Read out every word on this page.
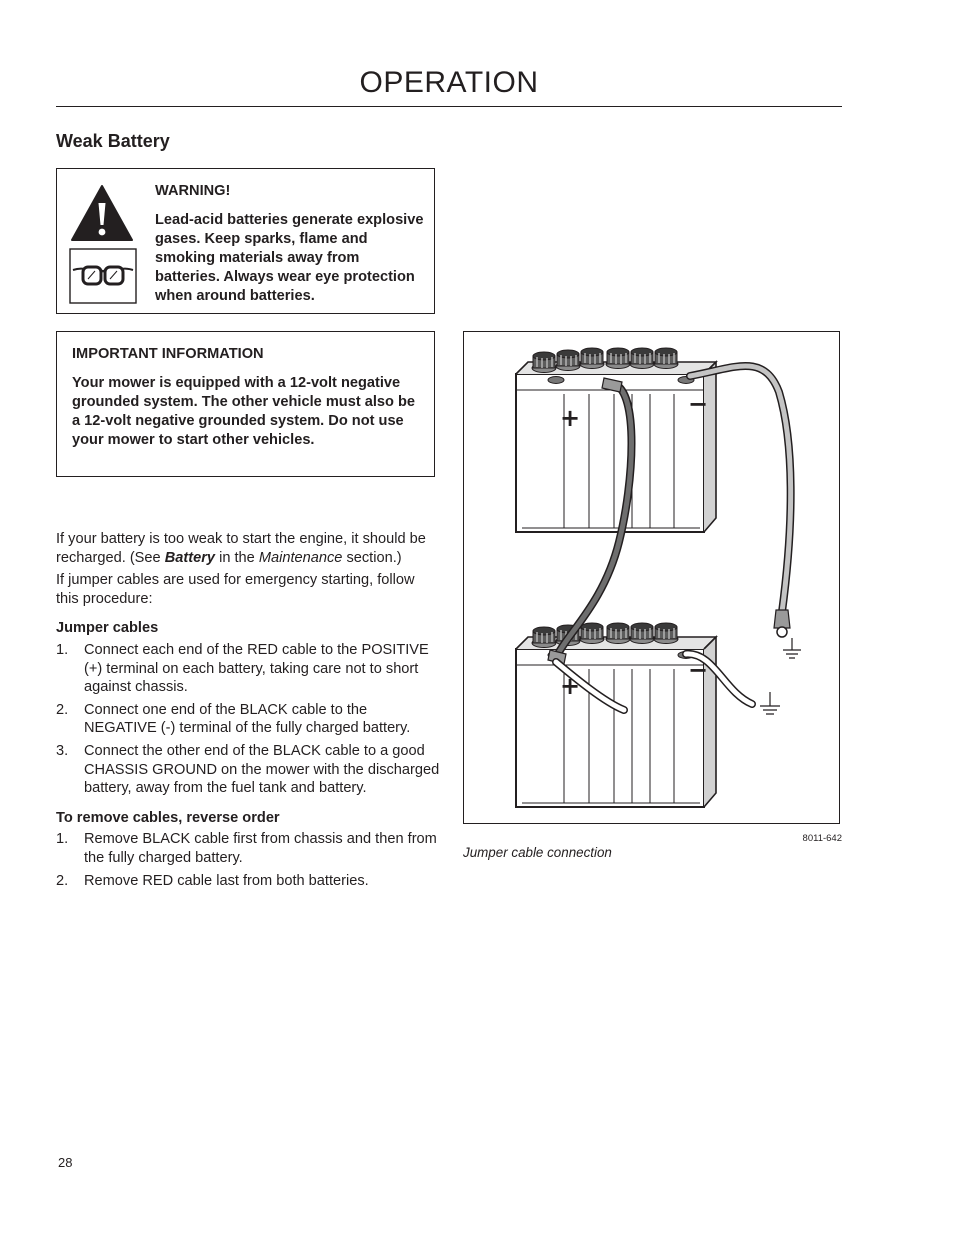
OPERATION
Weak Battery

WARNING!

Lead-acid batteries generate explosive gases. Keep sparks, flame and smoking materials away from batteries. Always wear eye protection when around batteries.

IMPORTANT INFORMATION

Your mower is equipped with a 12-volt negative grounded system. The other vehicle must also be a 12-volt negative grounded system. Do not use your mower to start other vehicles.

If your battery is too weak to start the engine, it should be recharged. (See Battery in the Maintenance section.)

If jumper cables are used for emergency starting, follow this procedure:

Jumper cables

1. Connect each end of the RED cable to the POSITIVE (+) terminal on each battery, taking care not to short against chassis.
2. Connect one end of the BLACK cable to the NEGATIVE (-) terminal of the fully charged battery.
3. Connect the other end of the BLACK cable to a good CHASSIS GROUND on the mower with the discharged battery, away from the fuel tank and battery.

To remove cables, reverse order

1. Remove BLACK cable first from chassis and then from the fully charged battery.
2. Remove RED cable last from both batteries.
+	−
+
−
8011-642
Jumper cable connection
28
